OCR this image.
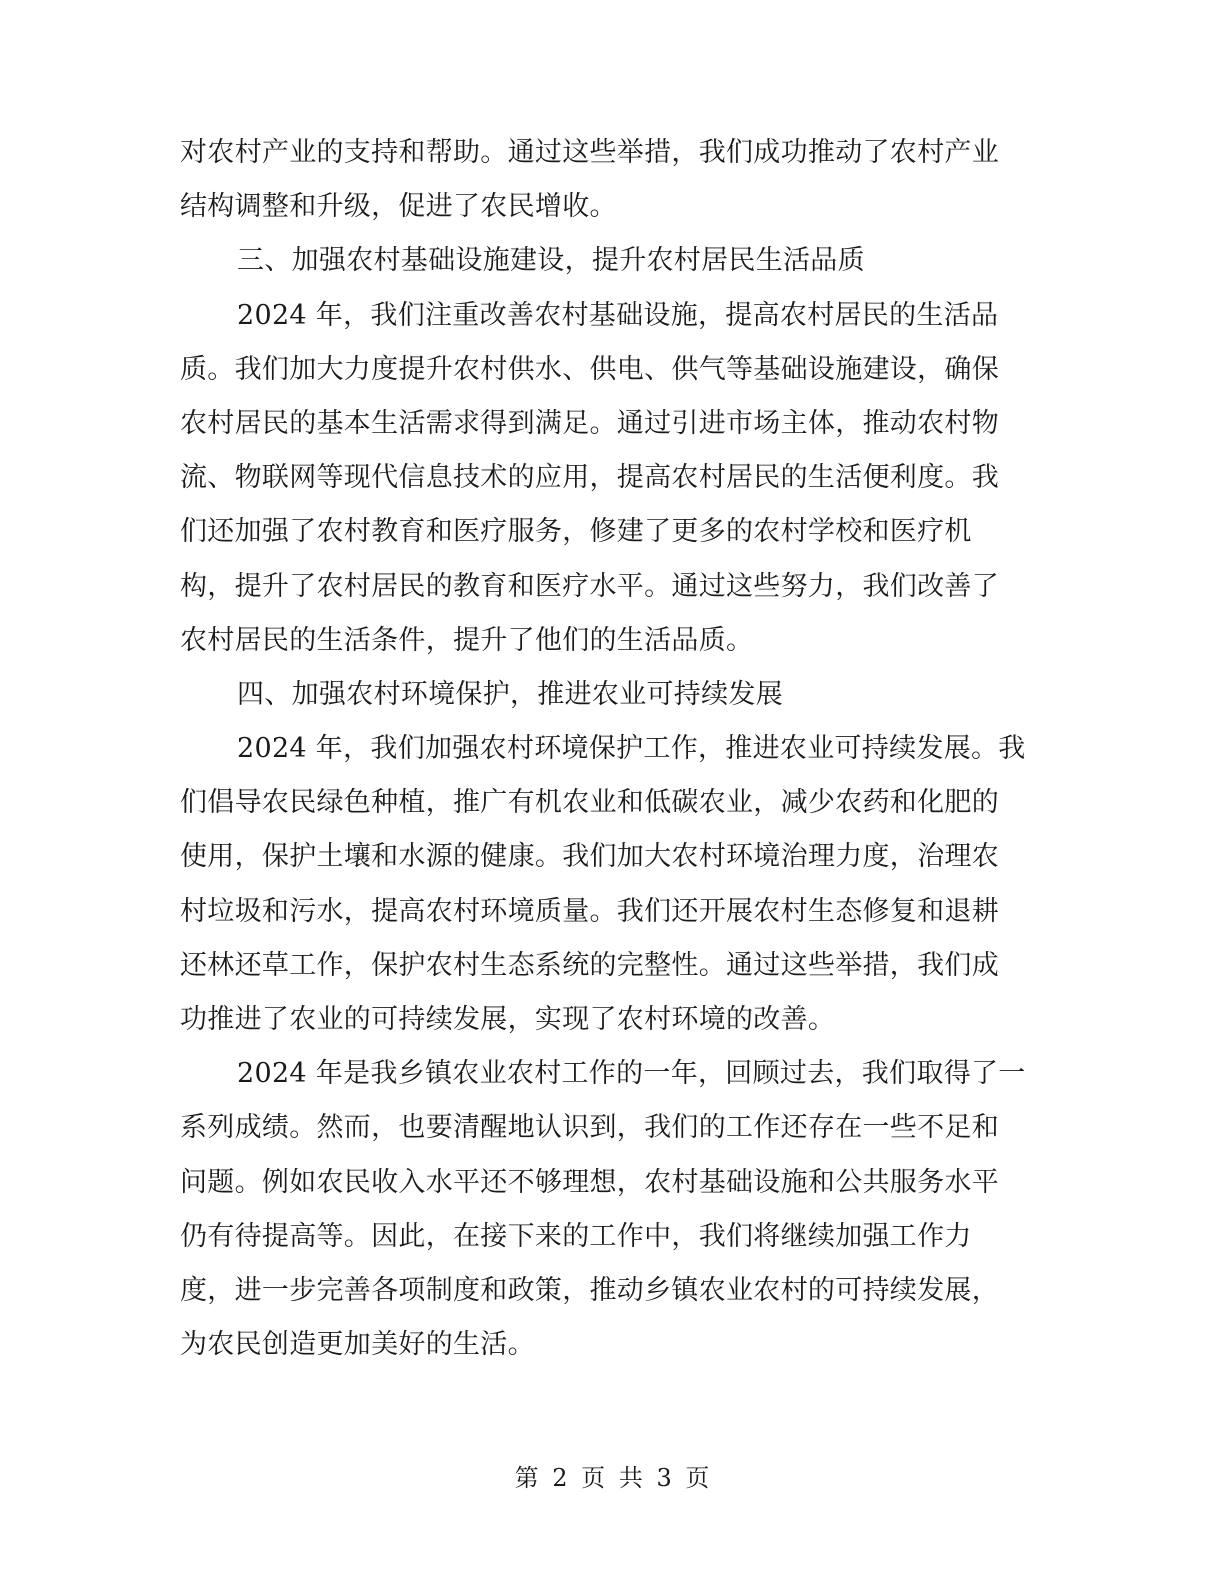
对农村产业的支持和帮助。通过这些举措，我们成功推动了农村产业
结构调整和升级，促进了农民增收。
三、加强农村基础设施建设，提升农村居民生活品质
2024 年，我们注重改善农村基础设施，提高农村居民的生活品
质。我们加大力度提升农村供水、供电、供气等基础设施建设，确保
农村居民的基本生活需求得到满足。通过引进市场主体，推动农村物
流、物联网等现代信息技术的应用，提高农村居民的生活便利度。我
们还加强了农村教育和医疗服务，修建了更多的农村学校和医疗机
构，提升了农村居民的教育和医疗水平。通过这些努力，我们改善了
农村居民的生活条件，提升了他们的生活品质。
四、加强农村环境保护，推进农业可持续发展
2024 年，我们加强农村环境保护工作，推进农业可持续发展。我
们倡导农民绿色种植，推广有机农业和低碳农业，减少农药和化肥的
使用，保护土壤和水源的健康。我们加大农村环境治理力度，治理农
村垃圾和污水，提高农村环境质量。我们还开展农村生态修复和退耕
还林还草工作，保护农村生态系统的完整性。通过这些举措，我们成
功推进了农业的可持续发展，实现了农村环境的改善。
2024 年是我乡镇农业农村工作的一年，回顾过去，我们取得了一
系列成绩。然而，也要清醒地认识到，我们的工作还存在一些不足和
问题。例如农民收入水平还不够理想，农村基础设施和公共服务水平
仍有待提高等。因此，在接下来的工作中，我们将继续加强工作力
度，进一步完善各项制度和政策，推动乡镇农业农村的可持续发展，
为农民创造更加美好的生活。
第 2 页 共 3 页
